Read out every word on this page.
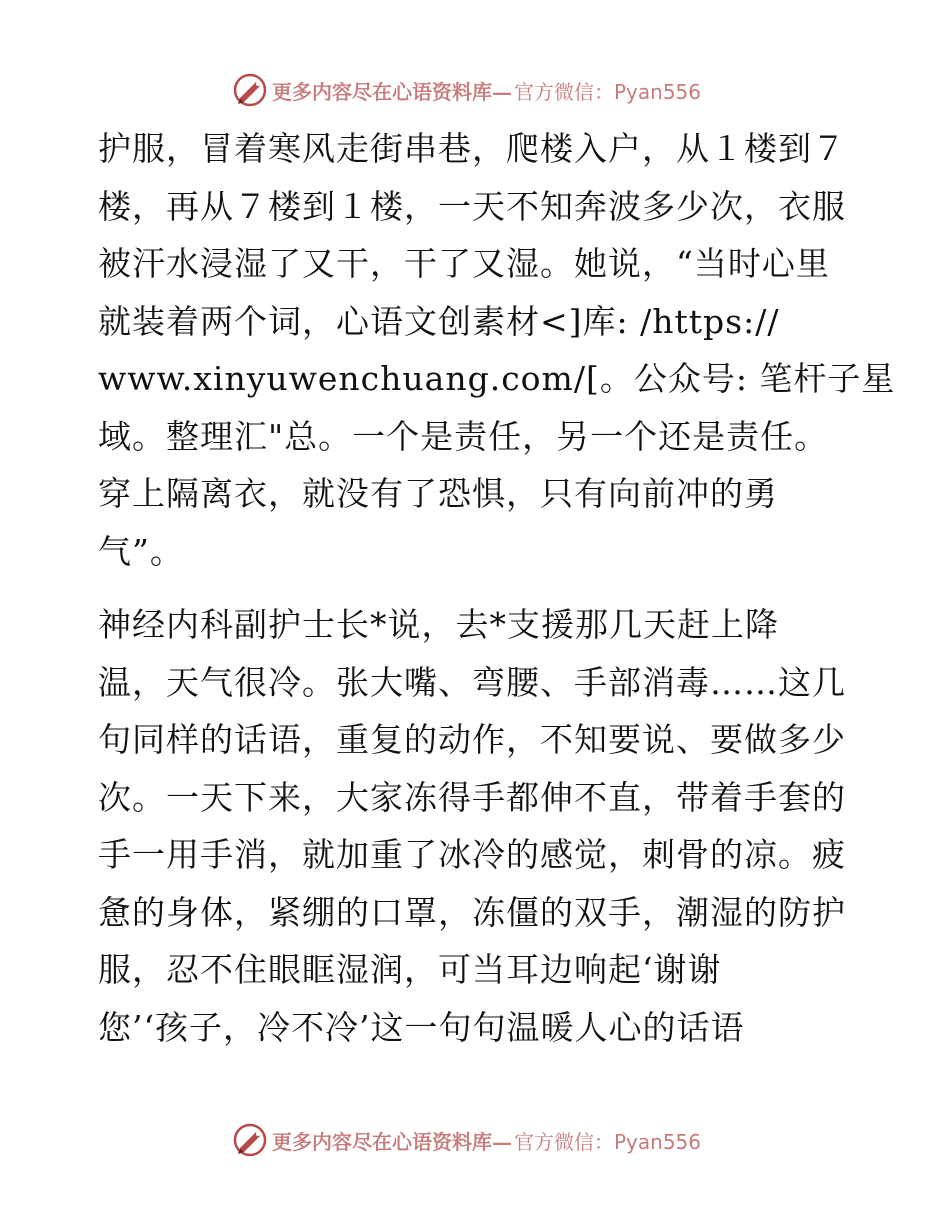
更多内容尽在心语资料库— 官方微信：Pyan556
护服，冒着寒风走街串巷，爬楼入户，从１楼到７
楼，再从７楼到１楼，一天不知奔波多少次，衣服
被汗水浸湿了又干，干了又湿。她说，“当时心里
就装着两个词，心语文创素材<]库: /https://
www.xinyuwenchuang.com/[。公众号: 笔杆子星
域。整理汇"总。一个是责任，另一个还是责任。
穿上隔离衣，就没有了恐惧，只有向前冲的勇
气”。
神经内科副护士长*说，去*支援那几天赶上降
温，天气很冷。张大嘴、弯腰、手部消毒……这几
句同样的话语，重复的动作，不知要说、要做多少
次。一天下来，大家冻得手都伸不直，带着手套的
手一用手消，就加重了冰冷的感觉，刺骨的凉。疲
惫的身体，紧绷的口罩，冻僵的双手，潮湿的防护
服，忍不住眼眶湿润，可当耳边响起‘谢谢
您’‘孩子，冷不冷’这一句句温暖人心的话语
更多内容尽在心语资料库— 官方微信：Pyan556
